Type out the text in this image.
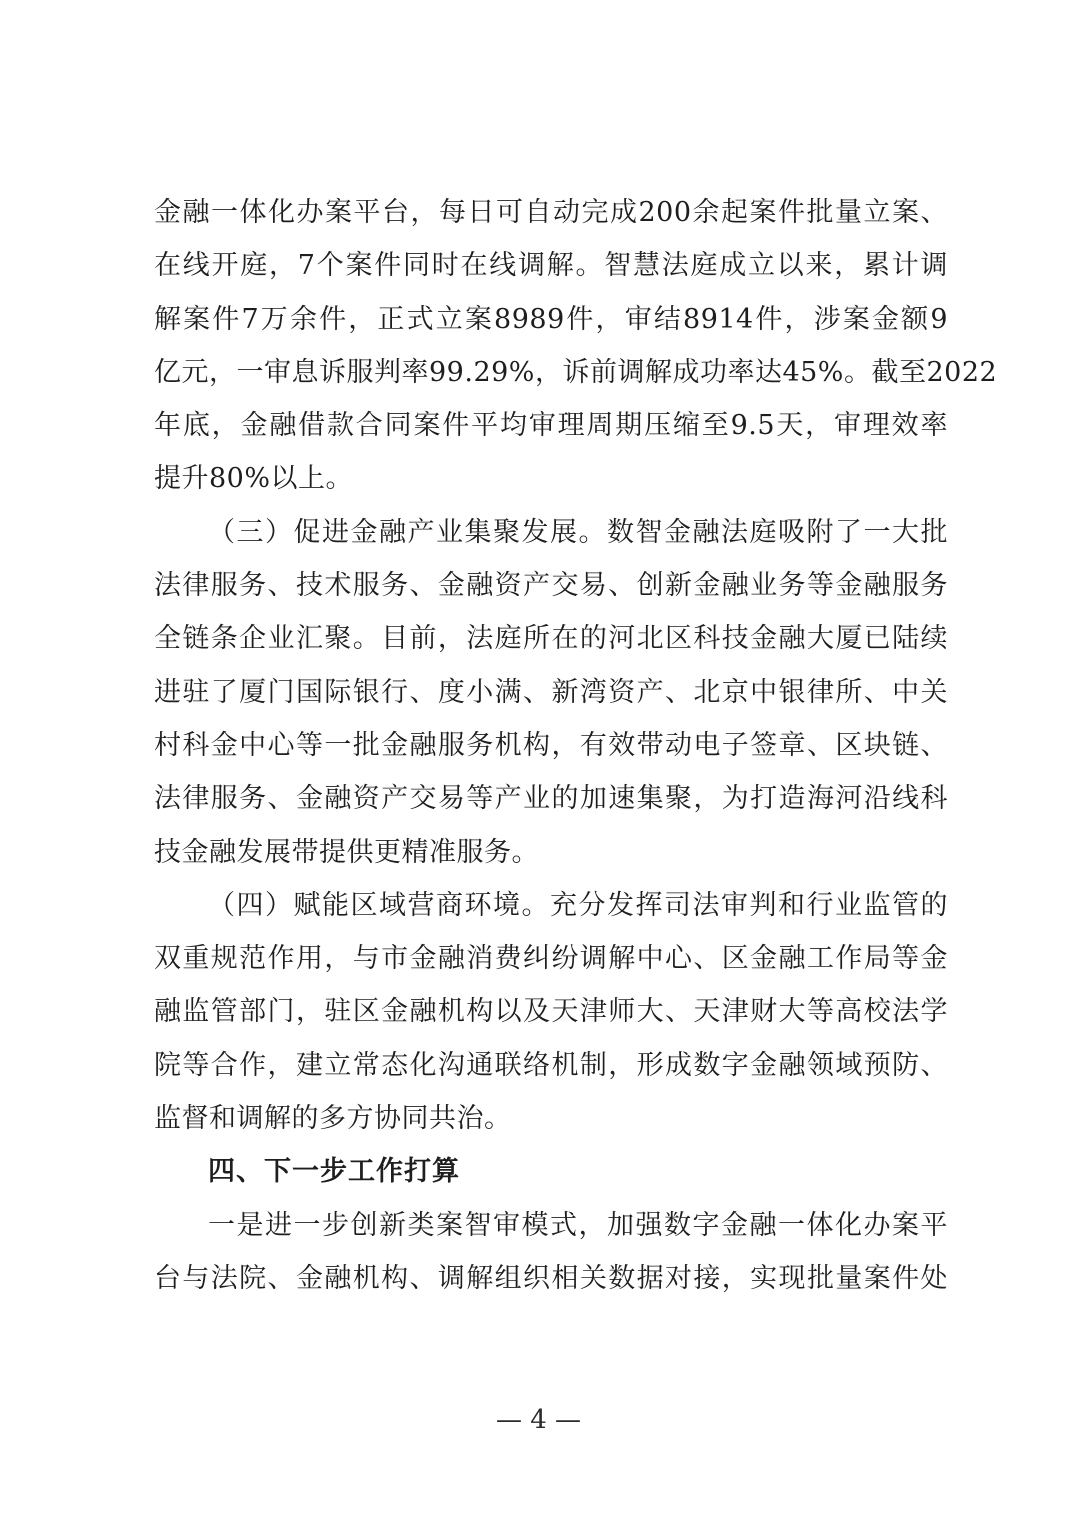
金融一体化办案平台，每日可自动完成200余起案件批量立案、
在线开庭，7个案件同时在线调解。智慧法庭成立以来，累计调
解案件7万余件，正式立案8989件，审结8914件，涉案金额9
亿元，一审息诉服判率99.29%，诉前调解成功率达45%。截至2022
年底，金融借款合同案件平均审理周期压缩至9.5天，审理效率
提升80%以上。
（三）促进金融产业集聚发展。数智金融法庭吸附了一大批
法律服务、技术服务、金融资产交易、创新金融业务等金融服务
全链条企业汇聚。目前，法庭所在的河北区科技金融大厦已陆续
进驻了厦门国际银行、度小满、新湾资产、北京中银律所、中关
村科金中心等一批金融服务机构，有效带动电子签章、区块链、
法律服务、金融资产交易等产业的加速集聚，为打造海河沿线科
技金融发展带提供更精准服务。
（四）赋能区域营商环境。充分发挥司法审判和行业监管的
双重规范作用，与市金融消费纠纷调解中心、区金融工作局等金
融监管部门，驻区金融机构以及天津师大、天津财大等高校法学
院等合作，建立常态化沟通联络机制，形成数字金融领域预防、
监督和调解的多方协同共治。
四、下一步工作打算
一是进一步创新类案智审模式，加强数字金融一体化办案平
台与法院、金融机构、调解组织相关数据对接，实现批量案件处
— 4 —
